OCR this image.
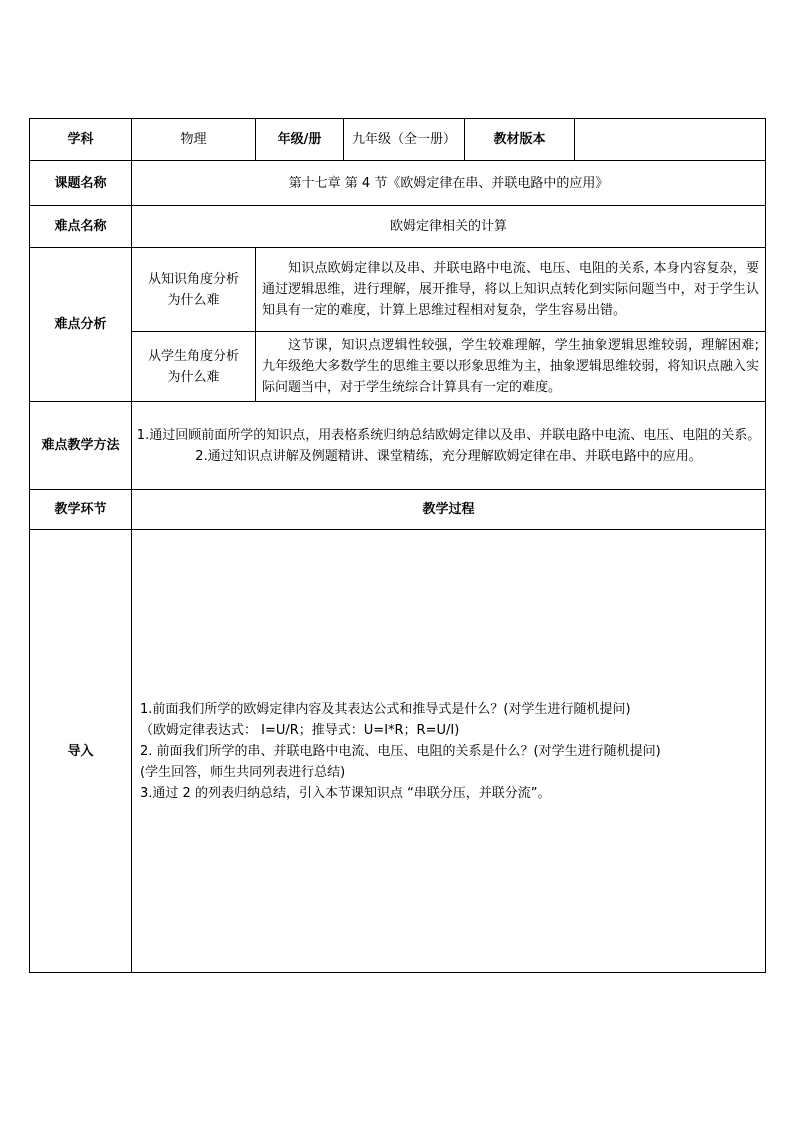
学科	物理	年级/册	九年级（全一册）	教材版本	
课题名称	第十七章 第 4 节《欧姆定律在串、并联电路中的应用》				
难点名称	欧姆定律相关的计算				
难点分析	从知识角度分析为什么难	知识点欧姆定律以及串、并联电路中电流、电压、电阻的关系, 本身内容复杂，要通过逻辑思维，进行理解，展开推导，将以上知识点转化到实际问题当中，对于学生认知具有一定的难度，计算上思维过程相对复杂，学生容易出错。			
	从学生角度分析为什么难	这节课，知识点逻辑性较强，学生较难理解，学生抽象逻辑思维较弱，理解困难; 九年级绝大多数学生的思维主要以形象思维为主，抽象逻辑思维较弱，将知识点融入实际问题当中，对于学生统综合计算具有一定的难度。			
难点教学方法	1.通过回顾前面所学的知识点，用表格系统归纳总结欧姆定律以及串、并联电路中电流、电压、电阻的关系。
2.通过知识点讲解及例题精讲、课堂精练，充分理解欧姆定律在串、并联电路中的应用。				

教学环节	教学过程				
导入	1.前面我们所学的欧姆定律内容及其表达公式和推导式是什么？(对学生进行随机提问)
（欧姆定律表达式： I=U/R；推导式：U=I*R；R=U/I)
2. 前面我们所学的串、并联电路中电流、电压、电阻的关系是什么？(对学生进行随机提问)
(学生回答，师生共同列表进行总结)
3.通过 2 的列表归纳总结，引入本节课知识点 “串联分压，并联分流”。				
